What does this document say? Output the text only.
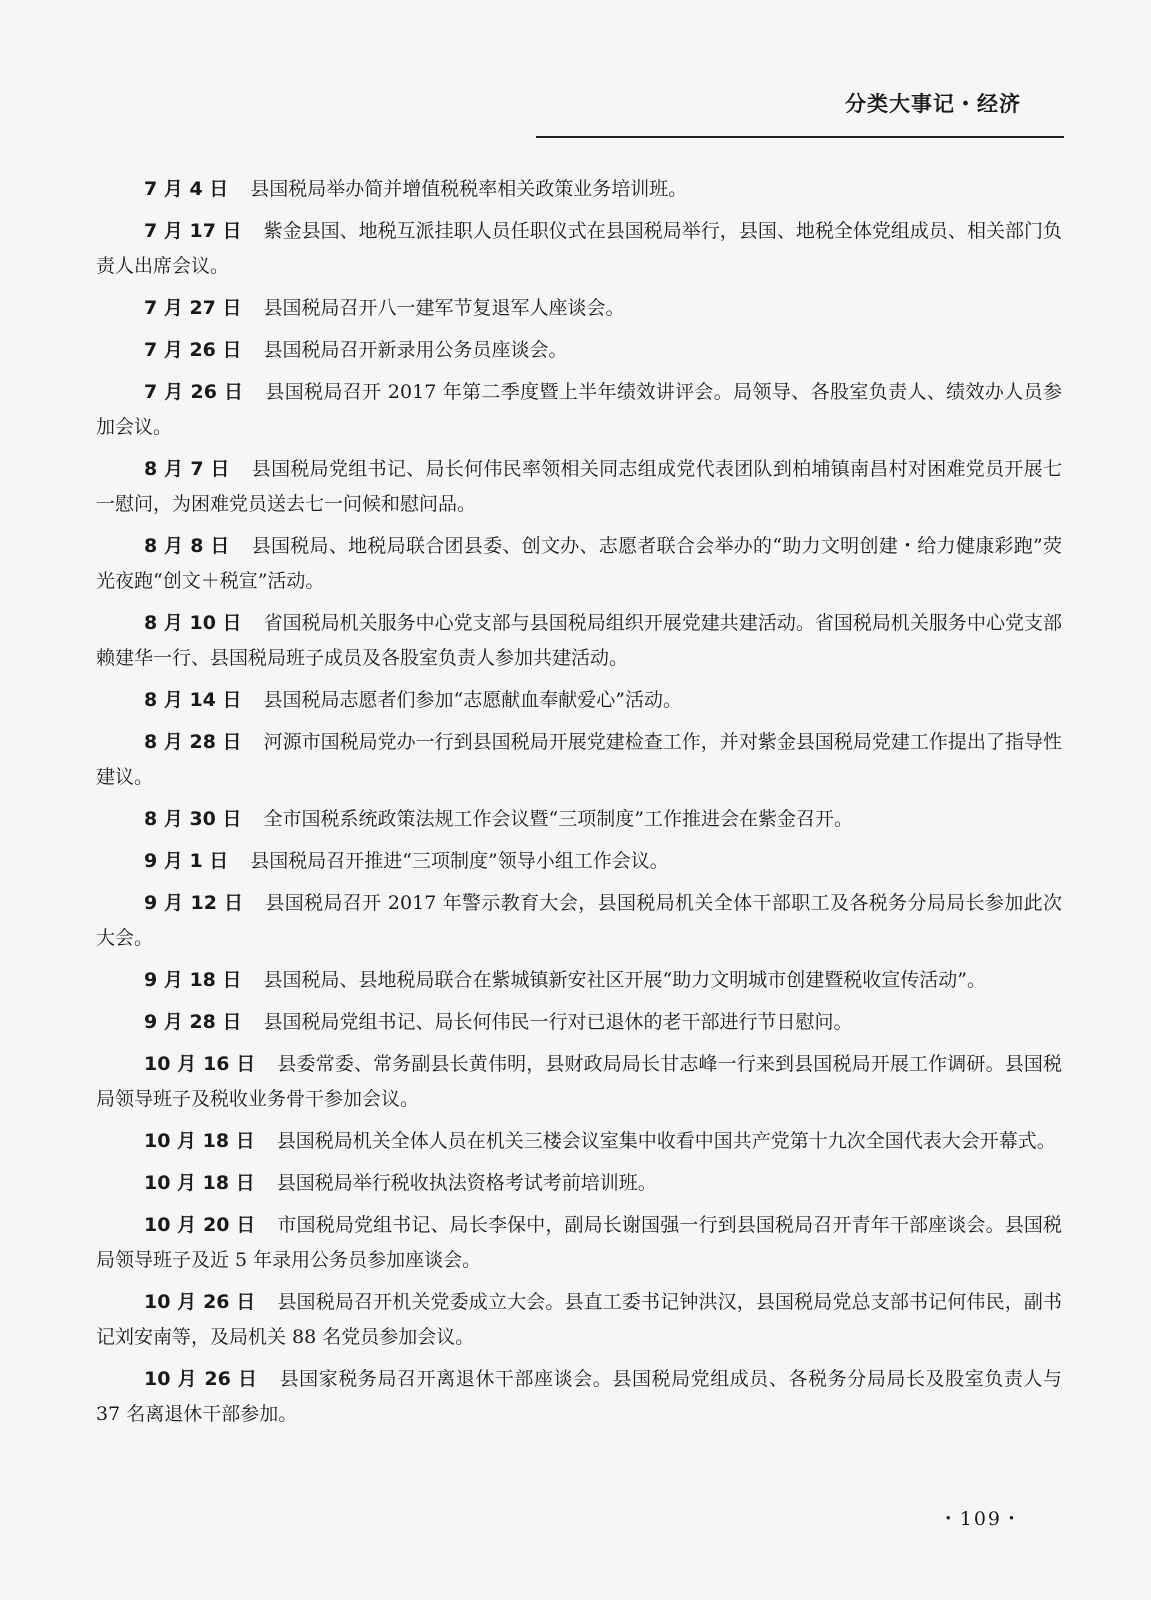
分类大事记・经济

7 月 4 日 县国税局举办简并增值税税率相关政策业务培训班。

7 月 17 日 紫金县国、地税互派挂职人员任职仪式在县国税局举行，县国、地税全体党组成员、相关部门负责人出席会议。

7 月 27 日 县国税局召开八一建军节复退军人座谈会。

7 月 26 日 县国税局召开新录用公务员座谈会。

7 月 26 日 县国税局召开 2017 年第二季度暨上半年绩效讲评会。局领导、各股室负责人、绩效办人员参加会议。

8 月 7 日 县国税局党组书记、局长何伟民率领相关同志组成党代表团队到柏埔镇南昌村对困难党员开展七一慰问，为困难党员送去七一问候和慰问品。

8 月 8 日 县国税局、地税局联合团县委、创文办、志愿者联合会举办的“助力文明创建・给力健康彩跑”荧光夜跑“创文＋税宣”活动。

8 月 10 日 省国税局机关服务中心党支部与县国税局组织开展党建共建活动。省国税局机关服务中心党支部赖建华一行、县国税局班子成员及各股室负责人参加共建活动。

8 月 14 日 县国税局志愿者们参加“志愿献血奉献爱心”活动。

8 月 28 日 河源市国税局党办一行到县国税局开展党建检查工作，并对紫金县国税局党建工作提出了指导性建议。

8 月 30 日 全市国税系统政策法规工作会议暨“三项制度”工作推进会在紫金召开。

9 月 1 日 县国税局召开推进“三项制度”领导小组工作会议。

9 月 12 日 县国税局召开 2017 年警示教育大会，县国税局机关全体干部职工及各税务分局局长参加此次大会。

9 月 18 日 县国税局、县地税局联合在紫城镇新安社区开展“助力文明城市创建暨税收宣传活动”。

9 月 28 日 县国税局党组书记、局长何伟民一行对已退休的老干部进行节日慰问。

10 月 16 日 县委常委、常务副县长黄伟明，县财政局局长甘志峰一行来到县国税局开展工作调研。县国税局领导班子及税收业务骨干参加会议。

10 月 18 日 县国税局机关全体人员在机关三楼会议室集中收看中国共产党第十九次全国代表大会开幕式。

10 月 18 日 县国税局举行税收执法资格考试考前培训班。

10 月 20 日 市国税局党组书记、局长李保中，副局长谢国强一行到县国税局召开青年干部座谈会。县国税局领导班子及近 5 年录用公务员参加座谈会。

10 月 26 日 县国税局召开机关党委成立大会。县直工委书记钟洪汉，县国税局党总支部书记何伟民，副书记刘安南等，及局机关 88 名党员参加会议。

10 月 26 日 县国家税务局召开离退休干部座谈会。县国税局党组成员、各税务分局局长及股室负责人与 37 名离退休干部参加。

・109・
